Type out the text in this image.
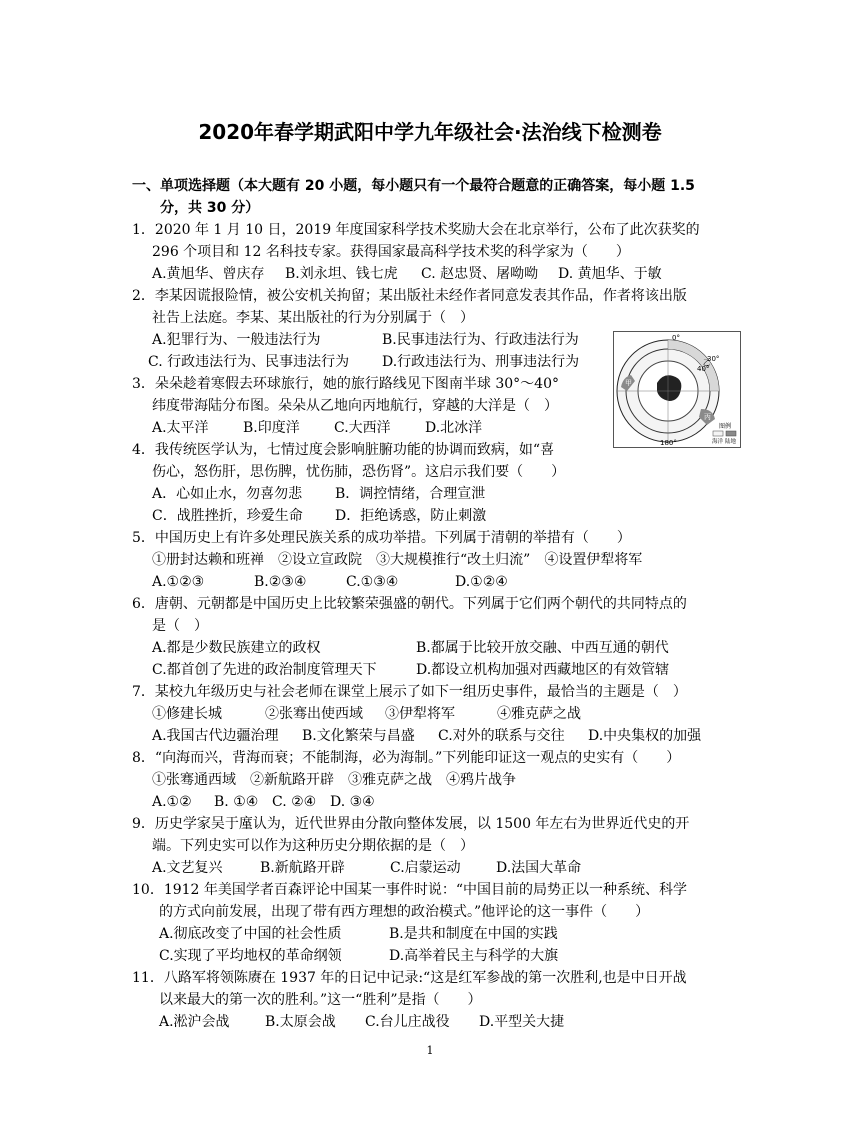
2020年春学期武阳中学九年级社会·法治线下检测卷
一、单项选择题（本大题有 20 小题，每小题只有一个最符合题意的正确答案，每小题 1.5
分，共 30 分）
1．2020 年 1 月 10 日，2019 年度国家科学技术奖励大会在北京举行，公布了此次获奖的
296 个项目和 12 名科技专家。获得国家最高科学技术奖的科学家为（　　）
A.黄旭华、曾庆存 B.刘永坦、钱七虎 C. 赵忠贤、屠呦呦 D. 黄旭华、于敏
2．李某因谎报险情，被公安机关拘留；某出版社未经作者同意发表其作品，作者将该出版
社告上法庭。李某、某出版社的行为分别属于（　）
A.犯罪行为、一般违法行为	B.民事违法行为、行政违法行为
C. 行政违法行为、民事违法行为 D.行政违法行为、刑事违法行为
3．朵朵趁着寒假去环球旅行，她的旅行路线见下图南半球 30°～40°
纬度带海陆分布图。朵朵从乙地向丙地航行，穿越的大洋是（　）
A.太平洋 B.印度洋 C.大西洋 D.北冰洋
0°
180°
30°
40°
甲
乙
丙
图例
海洋 陆地
4．我传统医学认为，七情过度会影响脏腑功能的协调而致病，如“喜
伤心，怒伤肝，思伤脾，忧伤肺，恐伤肾”。这启示我们要（　　）
A．心如止水，勿喜勿悲 B．调控情绪，合理宣泄
C．战胜挫折，珍爱生命 D．拒绝诱惑，防止刺激
5．中国历史上有许多处理民族关系的成功举措。下列属于清朝的举措有（　　）
①册封达赖和班禅　②设立宣政院　③大规模推行“改土归流”　④设置伊犁将军
A.①②③	B.②③④	C.①③④	D.①②④
6．唐朝、元朝都是中国历史上比较繁荣强盛的朝代。下列属于它们两个朝代的共同特点的
是（　）
A.都是少数民族建立的政权	B.都属于比较开放交融、中西互通的朝代
C.都首创了先进的政治制度管理天下	D.都设立机构加强对西藏地区的有效管辖
7．某校九年级历史与社会老师在课堂上展示了如下一组历史事件，最恰当的主题是（　）
①修建长城	②张骞出使西域 ③伊犁将军	④雅克萨之战
A.我国古代边疆治理 B.文化繁荣与昌盛 C.对外的联系与交往 D.中央集权的加强
8．“向海而兴，背海而衰；不能制海，必为海制。”下列能印证这一观点的史实有（　　）
①张骞通西域　②新航路开辟　③雅克萨之战　④鸦片战争
A.①② B. ①④ C. ②④ D. ③④
9．历史学家吴于廑认为，近代世界由分散向整体发展，以 1500 年左右为世界近代史的开
端。下列史实可以作为这种历史分期依据的是（　）
A.文艺复兴	B.新航路开辟	C.启蒙运动	D.法国大革命
10．1912 年美国学者百森评论中国某一事件时说：“中国目前的局势正以一种系统、科学
的方式向前发展，出现了带有西方理想的政治模式。”他评论的这一事件（　　）
A.彻底改变了中国的社会性质	B.是共和制度在中国的实践
C.实现了平均地权的革命纲领	D.高举着民主与科学的大旗
11．八路军将领陈赓在 1937 年的日记中记录:“这是红军参战的第一次胜利,也是中日开战
以来最大的第一次的胜利。”这一“胜利”是指（　　）
A.淞沪会战	B.太原会战 C.台儿庄战役 D.平型关大捷
1
